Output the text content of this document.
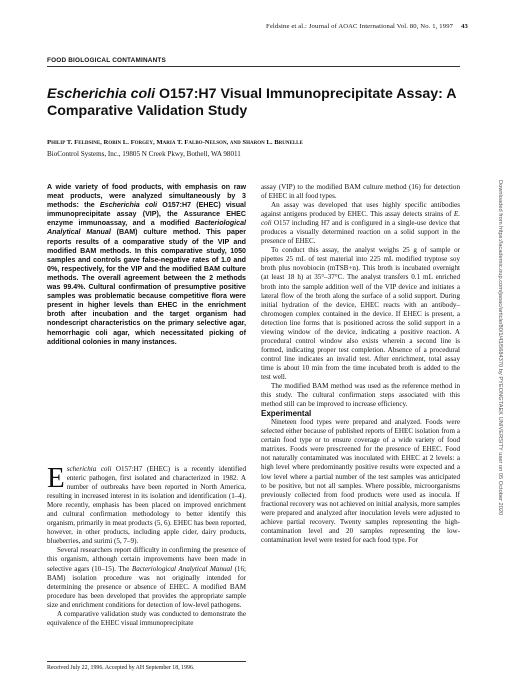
Feldsine et al.: Journal of AOAC International Vol. 80, No. 1, 1997 43
FOOD BIOLOGICAL CONTAMINANTS
Escherichia coli O157:H7 Visual Immunoprecipitate Assay: A Comparative Validation Study
Philip T. Feldsine, Robin L. Forgey, Maria T. Falbo-Nelson, and Sharon L. Brunelle
BioControl Systems, Inc., 19805 N Creek Pkwy, Bothell, WA 98011
A wide variety of food products, with emphasis on raw meat products, were analyzed simultaneously by 3 methods: the Escherichia coli O157:H7 (EHEC) visual immunoprecipitate assay (VIP), the Assurance EHEC enzyme immunoassay, and a modified Bacteriological Analytical Manual (BAM) culture method. This paper reports results of a comparative study of the VIP and modified BAM methods. In this comparative study, 1050 samples and controls gave false-negative rates of 1.0 and 0%, respectively, for the VIP and the modified BAM culture methods. The overall agreement between the 2 methods was 99.4%. Cultural confirmation of presumptive positive samples was problematic because competitive flora were present in higher levels than EHEC in the enrichment broth after incubation and the target organism had nondescript characteristics on the primary selective agar, hemorrhagic coli agar, which necessitated picking of additional colonies in many instances.

Escherichia coli O157:H7 (EHEC) is a recently identified enteric pathogen, first isolated and characterized in 1982. A number of outbreaks have been reported in North America, resulting in increased interest in its isolation and identification (1–4). More recently, emphasis has been placed on improved enrichment and cultural confirmation methodology to better identify this organism, primarily in meat products (5, 6). EHEC has been reported, however, in other products, including apple cider, dairy products, blueberries, and surimi (5, 7–9).

Several researchers report difficulty in confirming the presence of this organism, although certain improvements have been made in selective agars (10–15). The Bacteriological Analytical Manual (16; BAM) isolation procedure was not originally intended for determining the presence or absence of EHEC. A modified BAM procedure has been developed that provides the appropriate sample size and enrichment conditions for detection of low-level pathogens.

A comparative validation study was conducted to demonstrate the equivalence of the EHEC visual immunoprecipitate

assay (VIP) to the modified BAM culture method (16) for detection of EHEC in all food types.

An assay was developed that uses highly specific antibodies against antigens produced by EHEC. This assay detects strains of E. coli O157 including H7 and is configured in a single-use device that produces a visually determined reaction on a solid support in the presence of EHEC.

To conduct this assay, the analyst weighs 25 g of sample or pipettes 25 mL of test material into 225 mL modified tryptose soy broth plus novobiocin (mTSB+n). This broth is incubated overnight (at least 18 h) at 35°–37°C. The analyst transfers 0.1 mL enriched broth into the sample addition well of the VIP device and initiates a lateral flow of the broth along the surface of a solid support. During initial hydration of the device, EHEC reacts with an antibody–chromogen complex contained in the device. If EHEC is present, a detection line forms that is positioned across the solid support in a viewing window of the device, indicating a positive reaction. A procedural control window also exists wherein a second line is formed, indicating proper test completion. Absence of a procedural control line indicates an invalid test. After enrichment, total assay time is about 10 min from the time incubated broth is added to the test well.

The modified BAM method was used as the reference method in this study. The cultural confirmation steps associated with this method still can be improved to increase efficiency.

Experimental

Nineteen food types were prepared and analyzed. Foods were selected either because of published reports of EHEC isolation from a certain food type or to ensure coverage of a wide variety of food matrixes. Foods were prescreened for the presence of EHEC. Food not naturally contaminated was inoculated with EHEC at 2 levels: a high level where predominantly positive results were expected and a low level where a partial number of the test samples was anticipated to be positive, but not all samples. Where possible, microorganisms previously collected from food products were used as inocula. If fractional recovery was not achieved on initial analysis, more samples were prepared and analyzed after inoculation levels were adjusted to achieve partial recovery. Twenty samples representing the high-contamination level and 20 samples representing the low-contamination level were tested for each food type. For

Received July 22, 1996. Accepted by AH September 18, 1996.
Downloaded from https://academic.oup.com/jaoac/article/80/1/43/5684370 by PYEONGTAEK UNIVERSITY user on 05 October 2020
